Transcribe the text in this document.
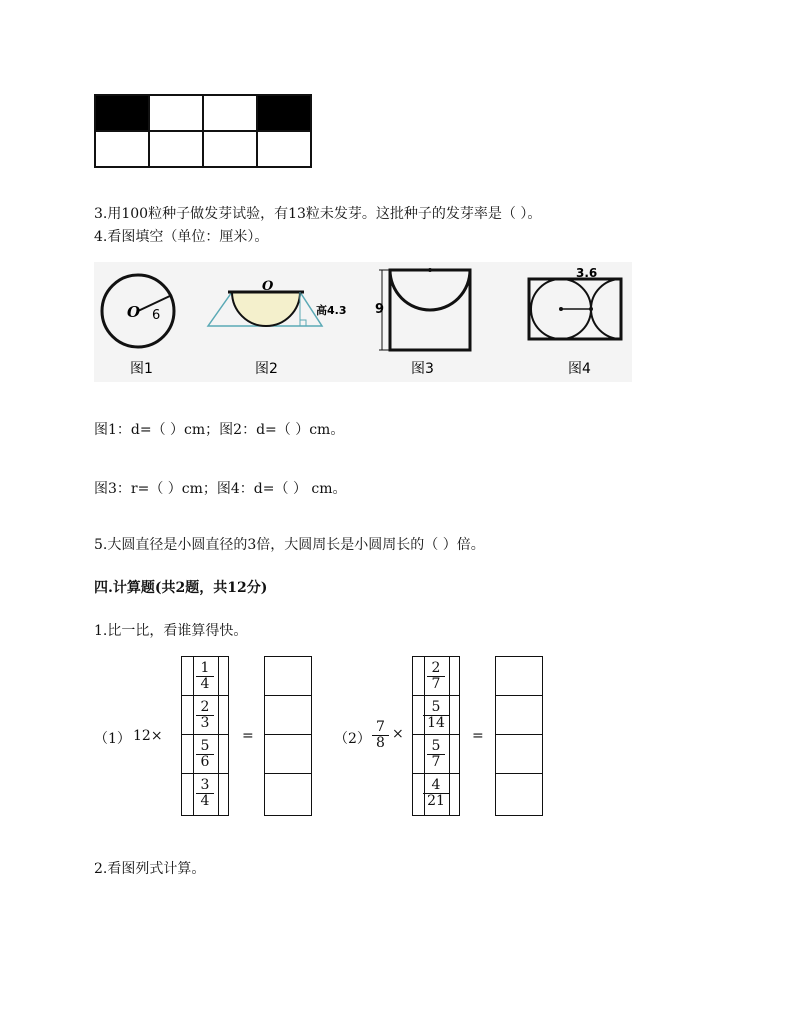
3.用100粒种子做发芽试验，有13粒未发芽。这批种子的发芽率是（ ）。
4.看图填空（单位：厘米）。
O 6
O
高4.3 9
3.6
图1	图2	图3	图4
图1：d=（ ）cm；图2：d=（ ）cm。
图3：r=（ ）cm；图4：d=（ ） cm。
5.大圆直径是小圆直径的3倍，大圆周长是小圆周长的（ ）倍。
四.计算题(共2题，共12分)
1.比一比，看谁算得快。
（1） 12×
$\frac{1}{4}$
$\frac{2}{3}$
$\frac{5}{6}$
$\frac{3}{4}$
=	$(2) \frac{7}{8}$ ×
$\frac{2}{7}$
$\frac{5}{14}$
$\frac{5}{7}$
$\frac{4}{21}$
=
2.看图列式计算。
